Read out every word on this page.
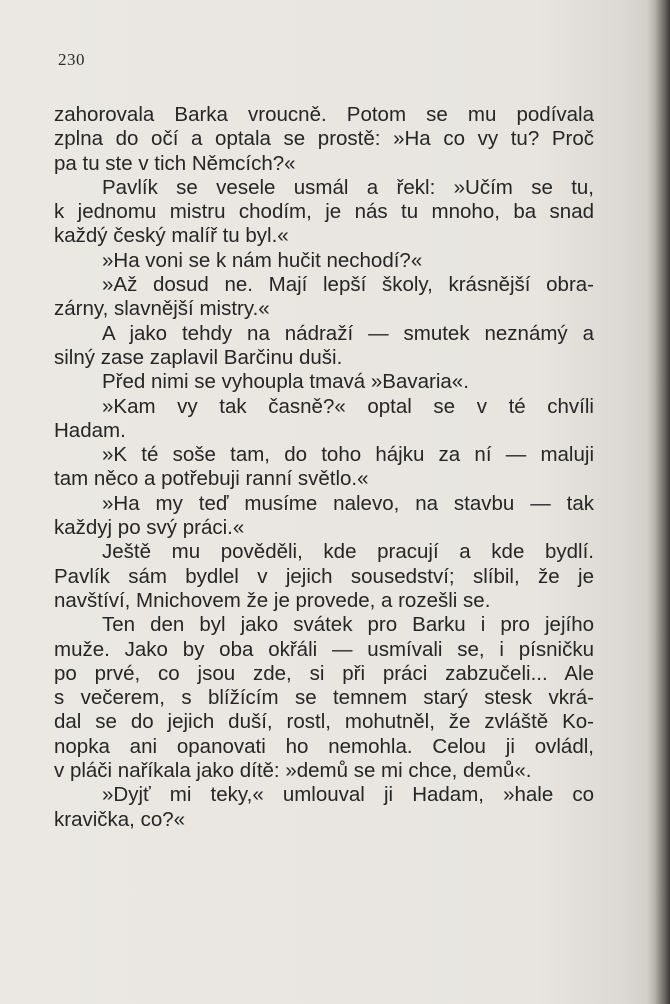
230
zahorovala Barka vroucně. Potom se mu podívala
zplna do očí a optala se prostě: »Ha co vy tu? Proč
pa tu ste v tich Němcích?«
Pavlík se vesele usmál a řekl: »Učím se tu,
k jednomu mistru chodím, je nás tu mnoho, ba snad
každý český malíř tu byl.«
»Ha voni se k nám hučit nechodí?«
»Až dosud ne. Mají lepší školy, krásnější obra-
zárny, slavnější mistry.«
A jako tehdy na nádraží — smutek neznámý a
silný zase zaplavil Barčinu duši.
Před nimi se vyhoupla tmavá »Bavaria«.
»Kam vy tak časně?« optal se v té chvíli
Hadam.
»K té soše tam, do toho hájku za ní — maluji
tam něco a potřebuji ranní světlo.«
»Ha my teď musíme nalevo, na stavbu — tak
každyj po svý práci.«
Ještě mu pověděli, kde pracují a kde bydlí.
Pavlík sám bydlel v jejich sousedství; slíbil, že je
navštíví, Mnichovem že je provede, a rozešli se.
Ten den byl jako svátek pro Barku i pro jejího
muže. Jako by oba okřáli — usmívali se, i písničku
po prvé, co jsou zde, si při práci zabzučeli... Ale
s večerem, s blížícím se temnem starý stesk vkrá-
dal se do jejich duší, rostl, mohutněl, že zvláště Ko-
nopka ani opanovati ho nemohla. Celou ji ovládl,
v pláči naříkala jako dítě: »demů se mi chce, demů«.
»Dyjť mi teky,« umlouval ji Hadam, »hale co
kravička, co?«
